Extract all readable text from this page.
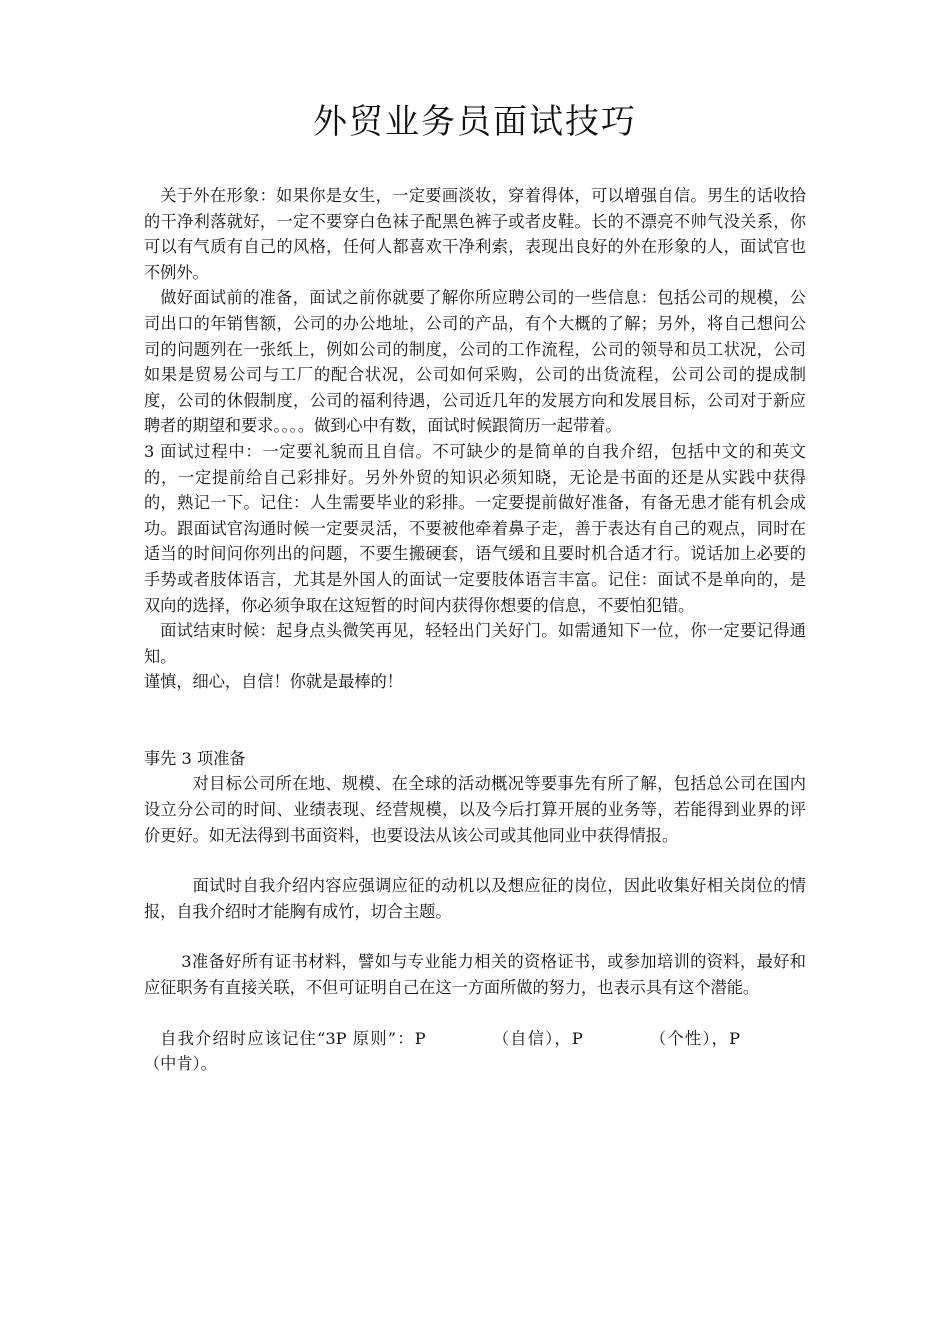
外贸业务员面试技巧

关于外在形象：如果你是女生，一定要画淡妆，穿着得体，可以增强自信。男生的话收拾的干净利落就好，一定不要穿白色袜子配黑色裤子或者皮鞋。长的不漂亮不帅气没关系，你可以有气质有自己的风格，任何人都喜欢干净利索，表现出良好的外在形象的人，面试官也不例外。

做好面试前的准备，面试之前你就要了解你所应聘公司的一些信息：包括公司的规模，公司出口的年销售额，公司的办公地址，公司的产品，有个大概的了解；另外，将自己想问公司的问题列在一张纸上，例如公司的制度，公司的工作流程，公司的领导和员工状况，公司如果是贸易公司与工厂的配合状况，公司如何采购，公司的出货流程，公司公司的提成制度，公司的休假制度，公司的福利待遇，公司近几年的发展方向和发展目标，公司对于新应聘者的期望和要求。。。。做到心中有数，面试时候跟简历一起带着。

3 面试过程中：一定要礼貌而且自信。不可缺少的是简单的自我介绍，包括中文的和英文的，一定提前给自己彩排好。另外外贸的知识必须知晓，无论是书面的还是从实践中获得的，熟记一下。记住：人生需要毕业的彩排。一定要提前做好准备，有备无患才能有机会成功。跟面试官沟通时候一定要灵活，不要被他牵着鼻子走，善于表达有自己的观点，同时在适当的时间问你列出的问题，不要生搬硬套，语气缓和且要时机合适才行。说话加上必要的手势或者肢体语言，尤其是外国人的面试一定要肢体语言丰富。记住：面试不是单向的，是双向的选择，你必须争取在这短暂的时间内获得你想要的信息，不要怕犯错。

面试结束时候：起身点头微笑再见，轻轻出门关好门。如需通知下一位，你一定要记得通知。

谨慎，细心，自信！你就是最棒的！

事先 3 项准备

对目标公司所在地、规模、在全球的活动概况等要事先有所了解，包括总公司在国内设立分公司的时间、业绩表现、经营规模，以及今后打算开展的业务等，若能得到业界的评价更好。如无法得到书面资料，也要设法从该公司或其他同业中获得情报。

面试时自我介绍内容应强调应征的动机以及想应征的岗位，因此收集好相关岗位的情报，自我介绍时才能胸有成竹，切合主题。

3准备好所有证书材料，譬如与专业能力相关的资格证书，或参加培训的资料，最好和应征职务有直接关联，不但可证明自己在这一方面所做的努力，也表示具有这个潜能。

自我介绍时应该记住“3P 原则”：P	（自信），P	（个性），P（中肯）。
